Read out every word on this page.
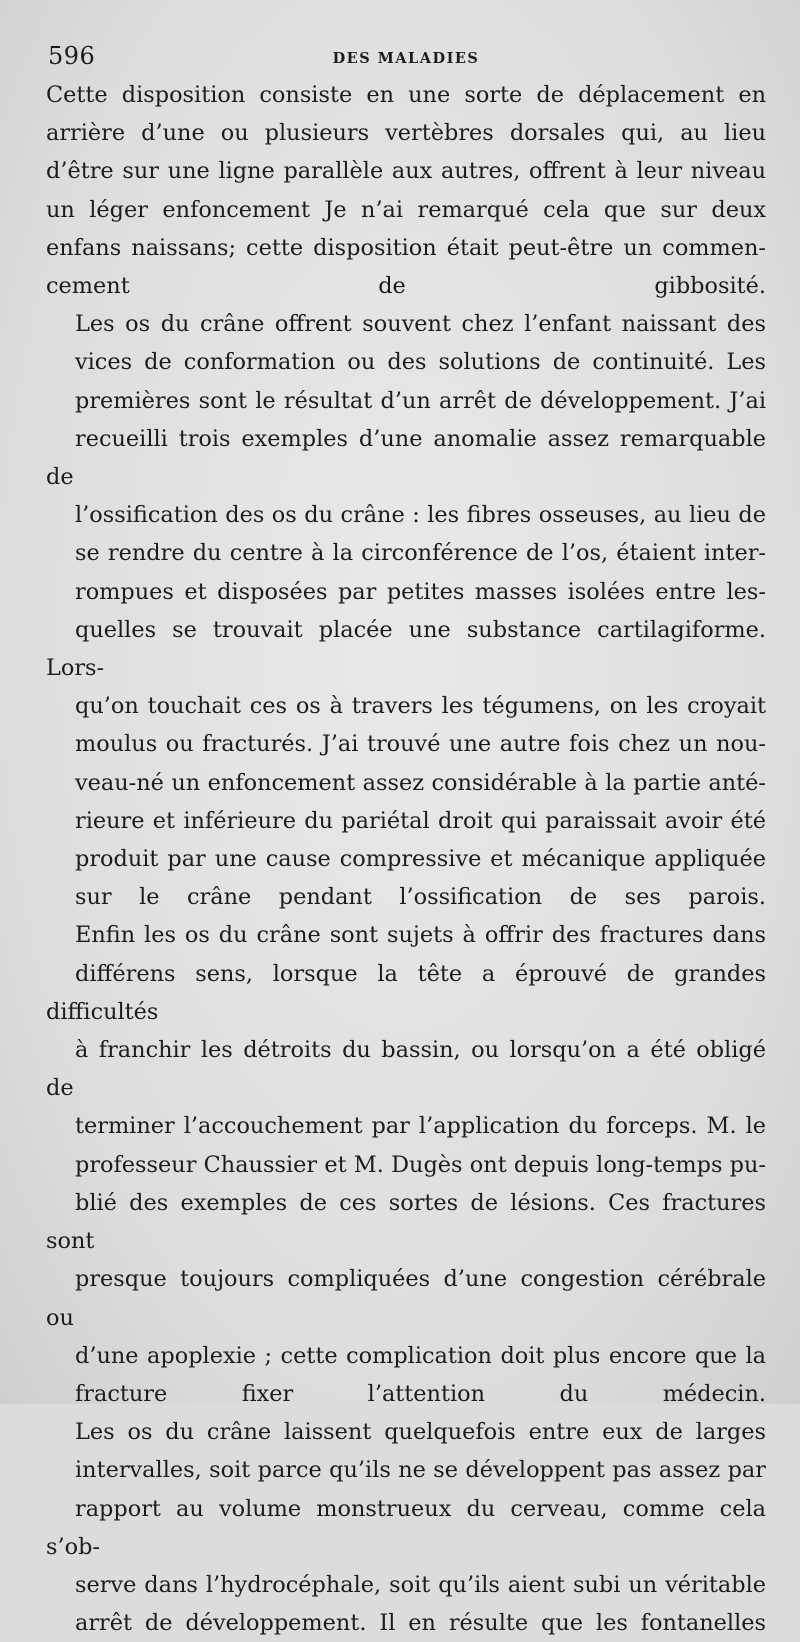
596	DES MALADIES
Cette disposition consiste en une sorte de déplacement en
arrière d’une ou plusieurs vertèbres dorsales qui, au lieu
d’être sur une ligne parallèle aux autres, offrent à leur niveau
un léger enfoncement Je n’ai remarqué cela que sur deux
enfans naissans; cette disposition était peut-être un commen-
cement de gibbosité.
Les os du crâne offrent souvent chez l’enfant naissant des
vices de conformation ou des solutions de continuité. Les
premières sont le résultat d’un arrêt de développement. J’ai
recueilli trois exemples d’une anomalie assez remarquable de
l’ossification des os du crâne : les fibres osseuses, au lieu de
se rendre du centre à la circonférence de l’os, étaient inter-
rompues et disposées par petites masses isolées entre les-
quelles se trouvait placée une substance cartilagiforme. Lors-
qu’on touchait ces os à travers les tégumens, on les croyait
moulus ou fracturés. J’ai trouvé une autre fois chez un nou-
veau-né un enfoncement assez considérable à la partie anté-
rieure et inférieure du pariétal droit qui paraissait avoir été
produit par une cause compressive et mécanique appliquée
sur le crâne pendant l’ossification de ses parois.
Enfin les os du crâne sont sujets à offrir des fractures dans
différens sens, lorsque la tête a éprouvé de grandes difficultés
à franchir les détroits du bassin, ou lorsqu’on a été obligé de
terminer l’accouchement par l’application du forceps. M. le
professeur Chaussier et M. Dugès ont depuis long-temps pu-
blié des exemples de ces sortes de lésions. Ces fractures sont
presque toujours compliquées d’une congestion cérébrale ou
d’une apoplexie ; cette complication doit plus encore que la
fracture fixer l’attention du médecin.
Les os du crâne laissent quelquefois entre eux de larges
intervalles, soit parce qu’ils ne se développent pas assez par
rapport au volume monstrueux du cerveau, comme cela s’ob-
serve dans l’hydrocéphale, soit qu’ils aient subi un véritable
arrêt de développement. Il en résulte que les fontanelles
